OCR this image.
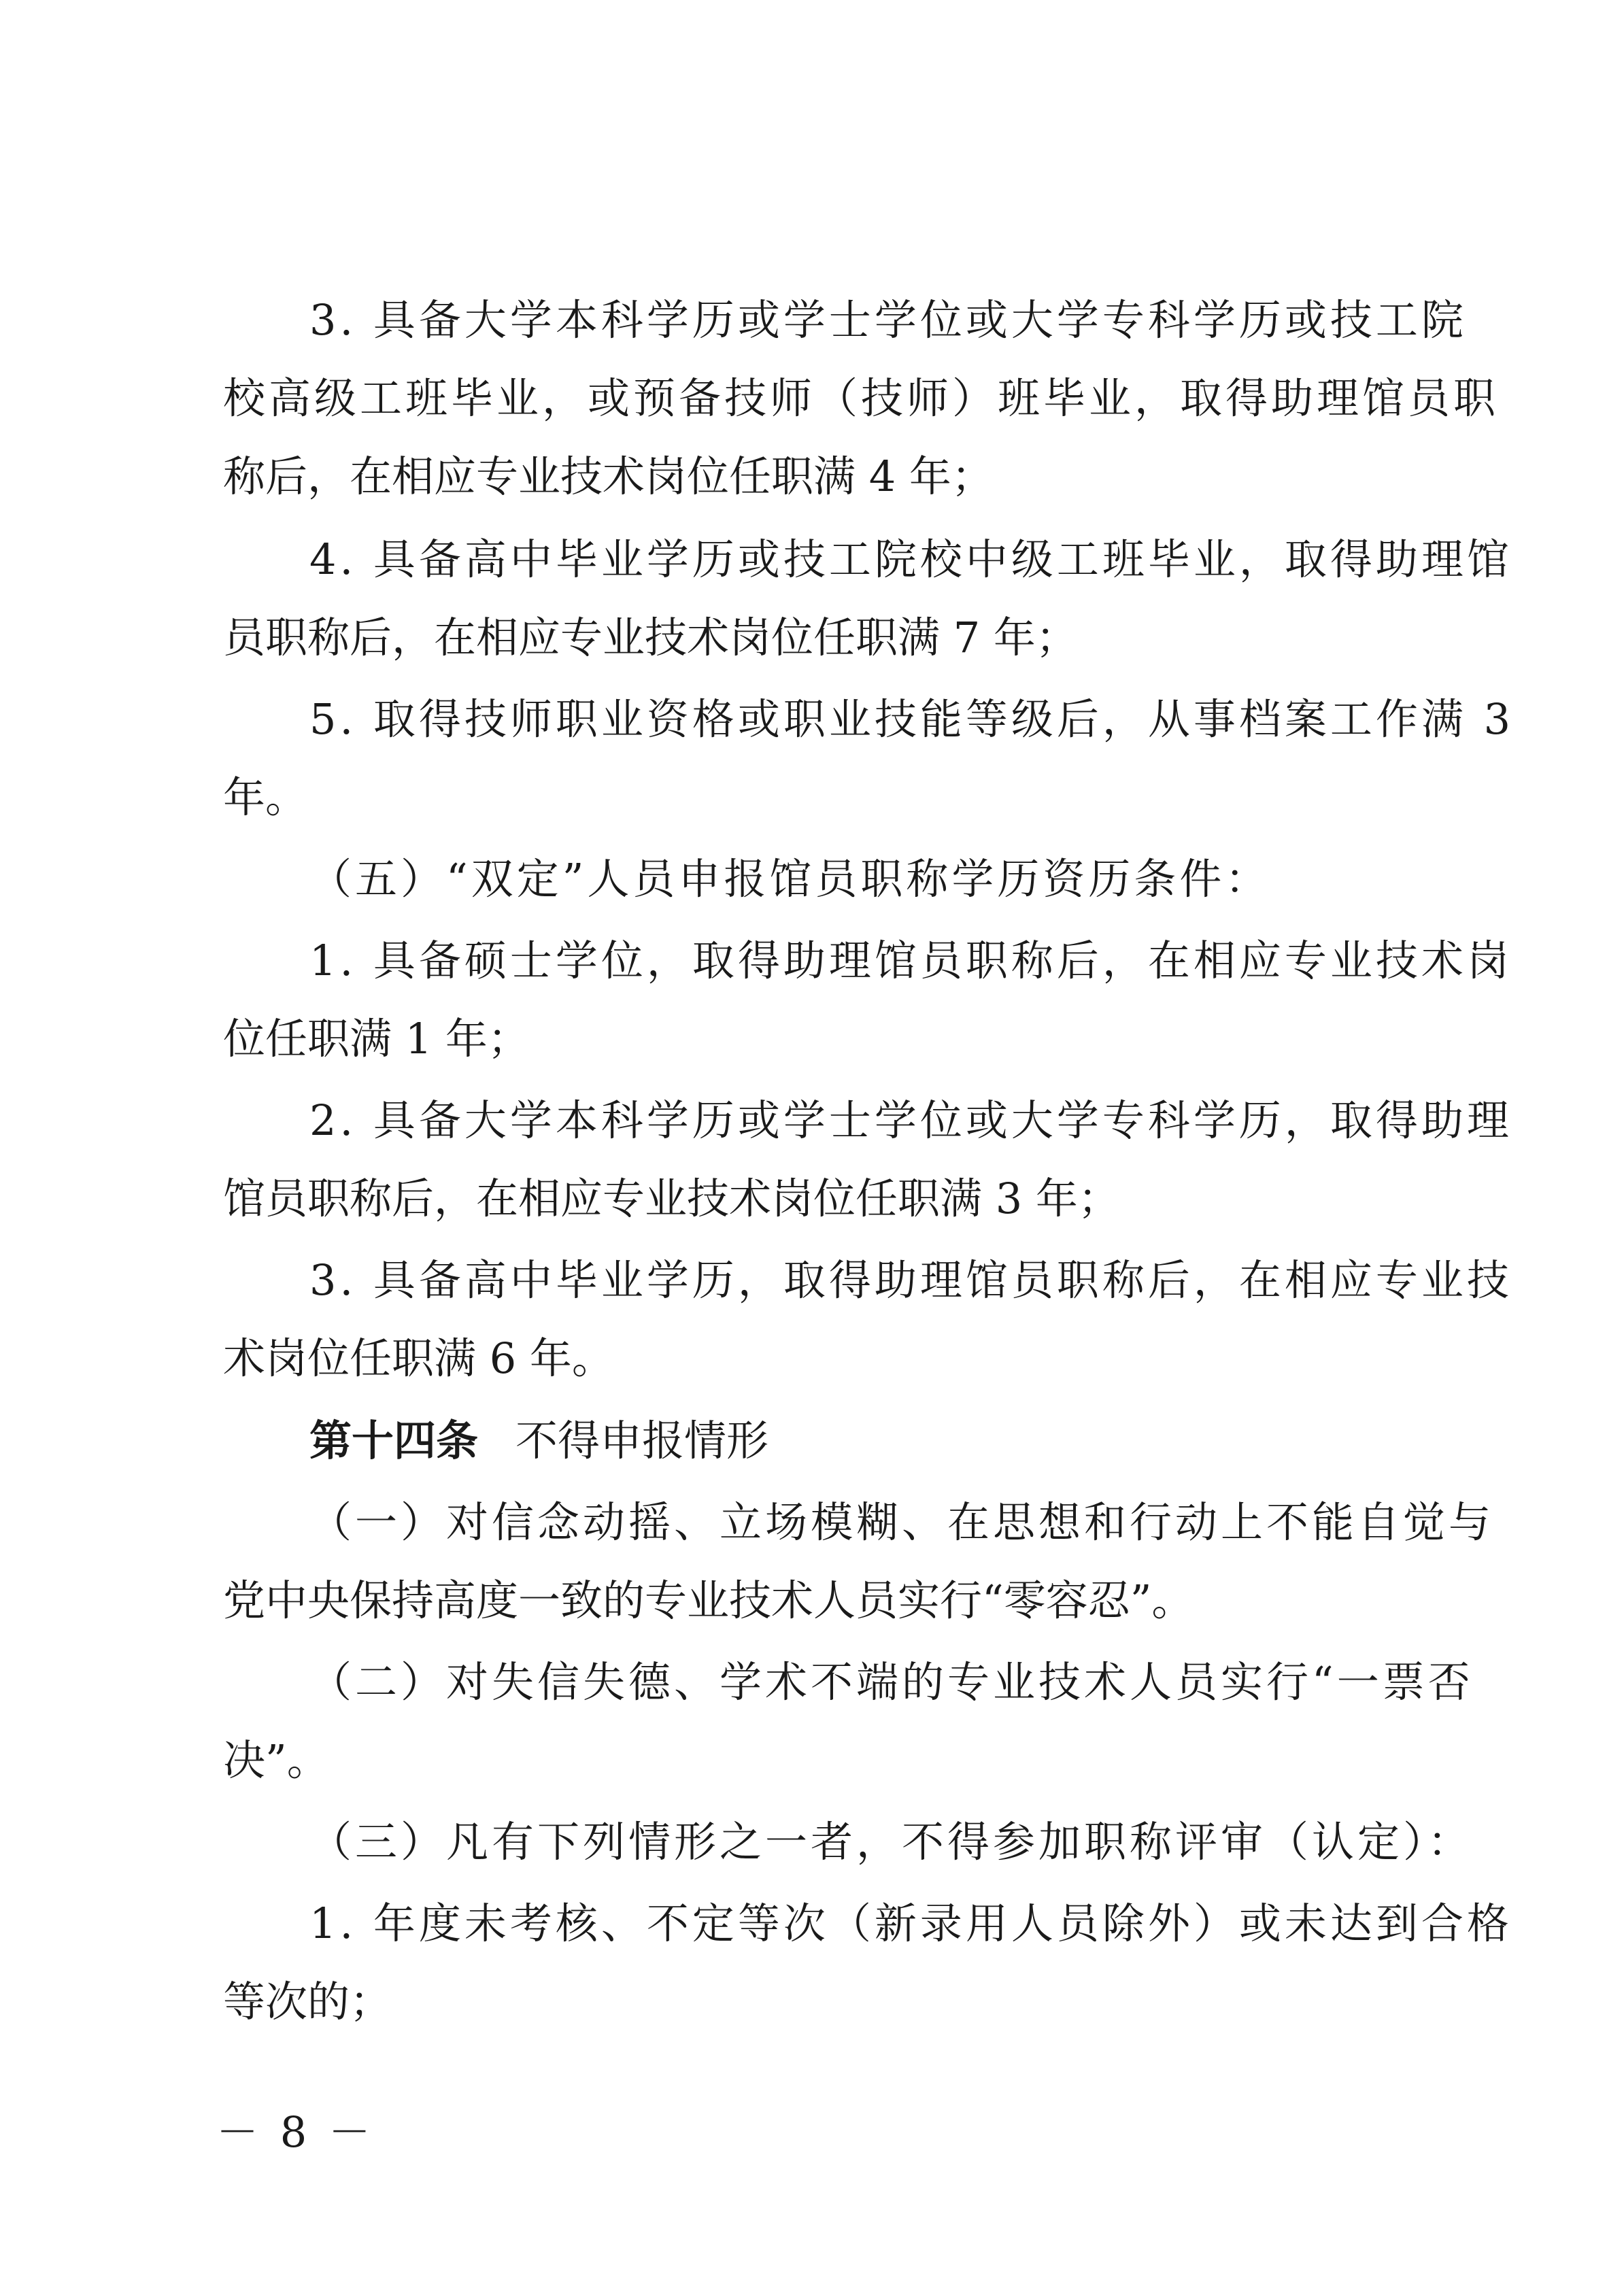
3. 具备大学本科学历或学士学位或大学专科学历或技工院
校高级工班毕业，或预备技师（技师）班毕业，取得助理馆员职
称后，在相应专业技术岗位任职满 4 年；
4. 具备高中毕业学历或技工院校中级工班毕业，取得助理馆
员职称后，在相应专业技术岗位任职满 7 年；
5. 取得技师职业资格或职业技能等级后，从事档案工作满 3
年。
（五）“双定”人员申报馆员职称学历资历条件：
1. 具备硕士学位，取得助理馆员职称后，在相应专业技术岗
位任职满 1 年；
2. 具备大学本科学历或学士学位或大学专科学历，取得助理
馆员职称后，在相应专业技术岗位任职满 3 年；
3. 具备高中毕业学历，取得助理馆员职称后，在相应专业技
术岗位任职满 6 年。
第十四条 不得申报情形
（一）对信念动摇、立场模糊、在思想和行动上不能自觉与
党中央保持高度一致的专业技术人员实行“零容忍”。
（二）对失信失德、学术不端的专业技术人员实行“一票否
决”。
（三）凡有下列情形之一者，不得参加职称评审（认定）：
1. 年度未考核、不定等次（新录用人员除外）或未达到合格
等次的；
－ 8 －
